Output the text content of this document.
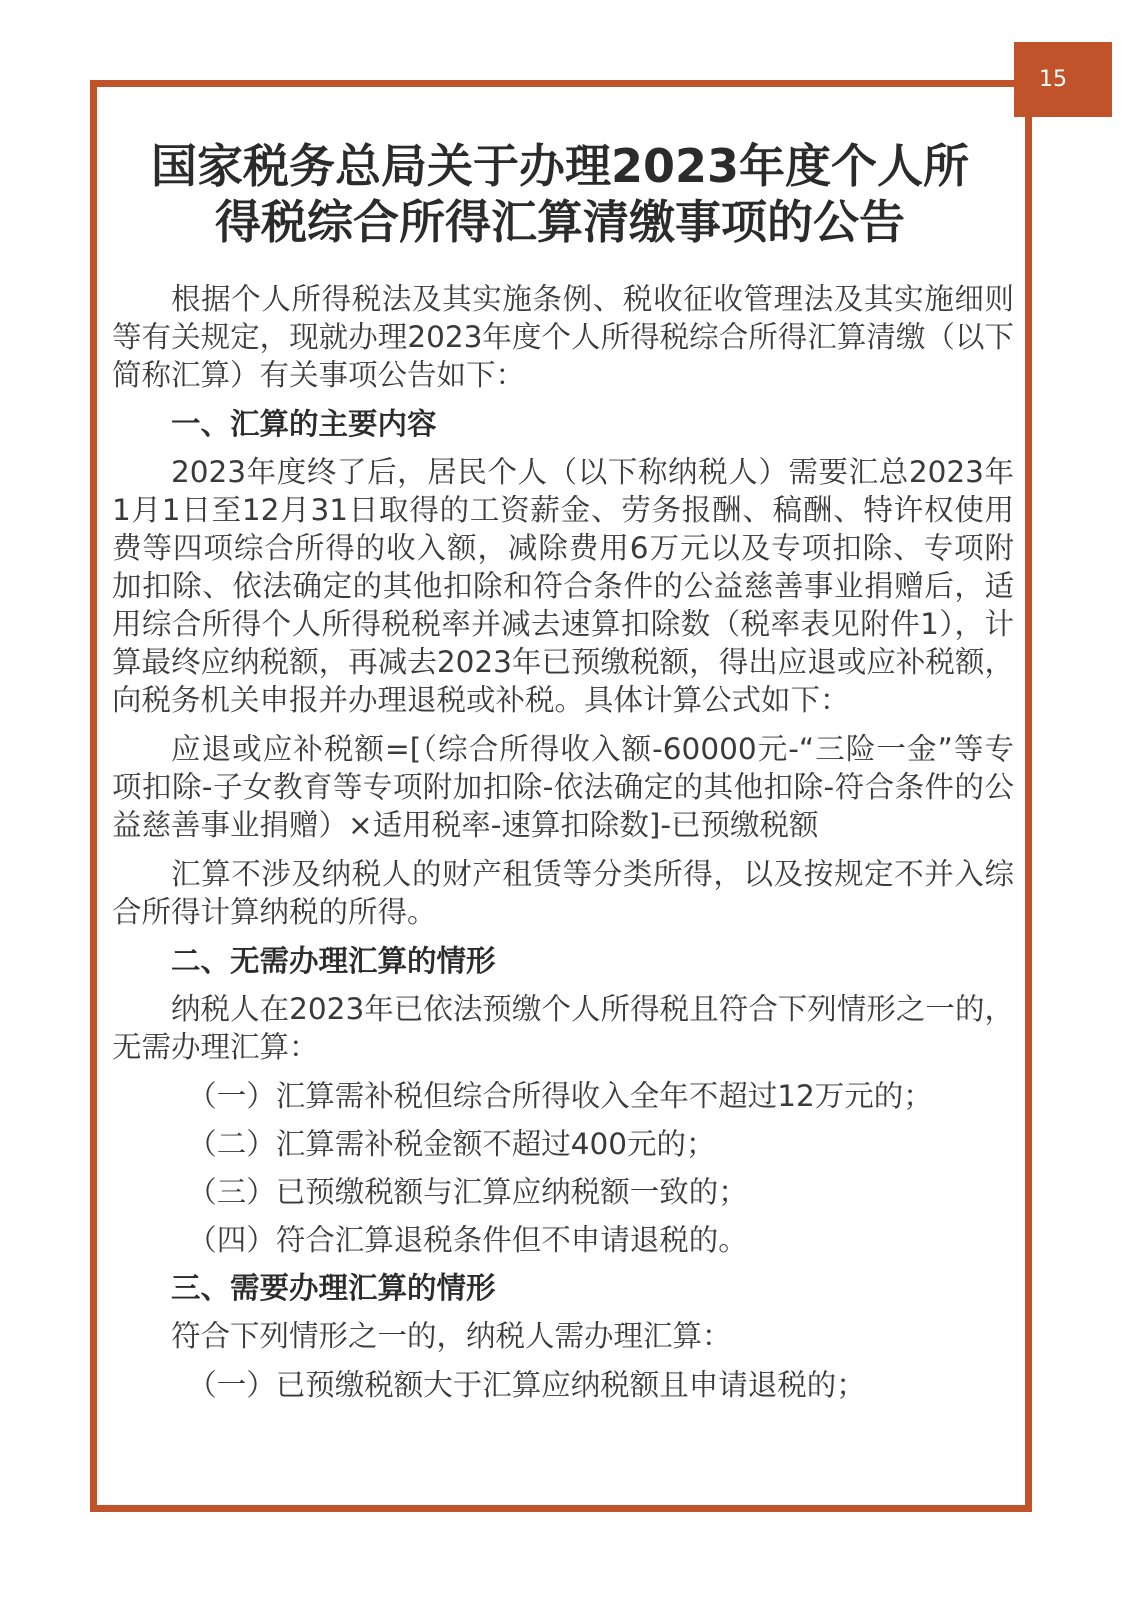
15
国家税务总局关于办理2023年度个人所
得税综合所得汇算清缴事项的公告

根据个人所得税法及其实施条例、税收征收管理法及其实施细则等有关规定，现就办理2023年度个人所得税综合所得汇算清缴（以下简称汇算）有关事项公告如下：

一、汇算的主要内容

2023年度终了后，居民个人（以下称纳税人）需要汇总2023年1月1日至12月31日取得的工资薪金、劳务报酬、稿酬、特许权使用费等四项综合所得的收入额，减除费用6万元以及专项扣除、专项附加扣除、依法确定的其他扣除和符合条件的公益慈善事业捐赠后，适用综合所得个人所得税税率并减去速算扣除数（税率表见附件1），计算最终应纳税额，再减去2023年已预缴税额，得出应退或应补税额，向税务机关申报并办理退税或补税。具体计算公式如下：

应退或应补税额=[（综合所得收入额-60000元-“三险一金”等专项扣除-子女教育等专项附加扣除-依法确定的其他扣除-符合条件的公益慈善事业捐赠）×适用税率-速算扣除数]-已预缴税额

汇算不涉及纳税人的财产租赁等分类所得，以及按规定不并入综合所得计算纳税的所得。

二、无需办理汇算的情形

纳税人在2023年已依法预缴个人所得税且符合下列情形之一的，无需办理汇算：

（一）汇算需补税但综合所得收入全年不超过12万元的；

（二）汇算需补税金额不超过400元的；

（三）已预缴税额与汇算应纳税额一致的；

（四）符合汇算退税条件但不申请退税的。

三、需要办理汇算的情形

符合下列情形之一的，纳税人需办理汇算：

（一）已预缴税额大于汇算应纳税额且申请退税的；
